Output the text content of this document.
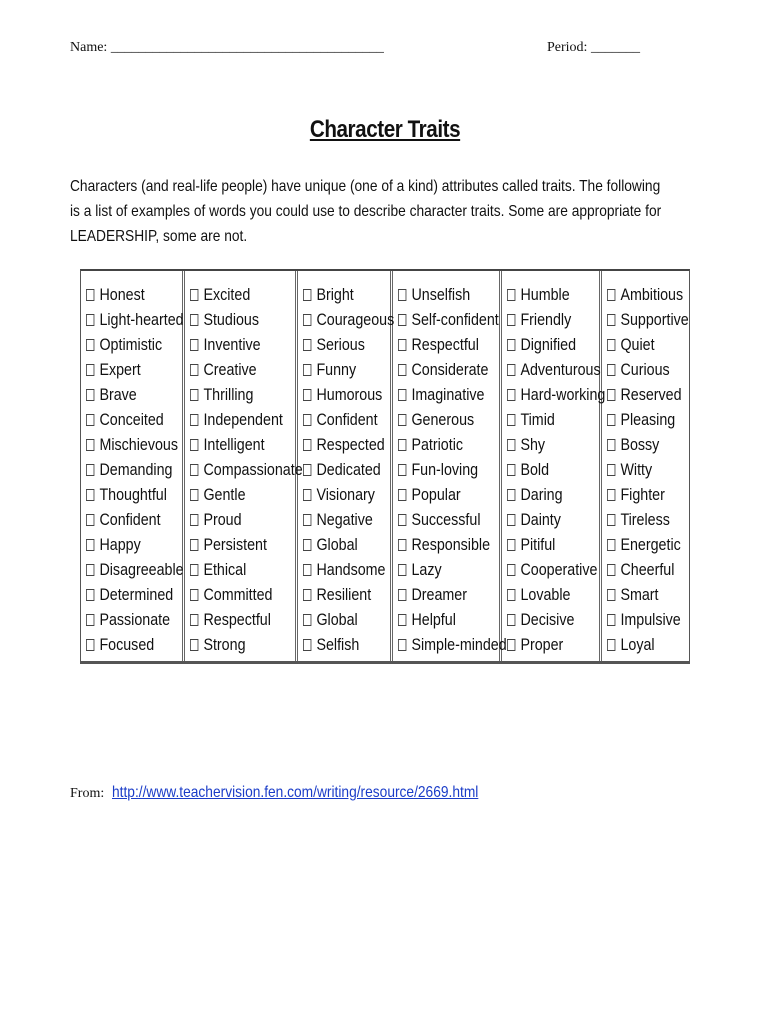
Name: _______________________________________	Period: _______
Character Traits
Characters (and real-life people) have unique (one of a kind) attributes called traits. The following is a list of examples of words you could use to describe character traits. Some are appropriate for LEADERSHIP, some are not.
Honest
Light-hearted
Optimistic
Expert
Brave
Conceited
Mischievous
Demanding
Thoughtful
Confident
Happy
Disagreeable
Determined
Passionate
Focused
Excited
Studious
Inventive
Creative
Thrilling
Independent
Intelligent
Compassionate
Gentle
Proud
Persistent
Ethical
Committed
Respectful
Strong
Bright
Courageous
Serious
Funny
Humorous
Confident
Respected
Dedicated
Visionary
Negative
Global
Handsome
Resilient
Global
Selfish
Unselfish
Self-confident
Respectful
Considerate
Imaginative
Generous
Patriotic
Fun-loving
Popular
Successful
Responsible
Lazy
Dreamer
Helpful
Simple-minded
Humble
Friendly
Dignified
Adventurous
Hard-working
Timid
Shy
Bold
Daring
Dainty
Pitiful
Cooperative
Lovable
Decisive
Proper
Ambitious
Supportive
Quiet
Curious
Reserved
Pleasing
Bossy
Witty
Fighter
Tireless
Energetic
Cheerful
Smart
Impulsive
Loyal
From: http://www.teachervision.fen.com/writing/resource/2669.html
